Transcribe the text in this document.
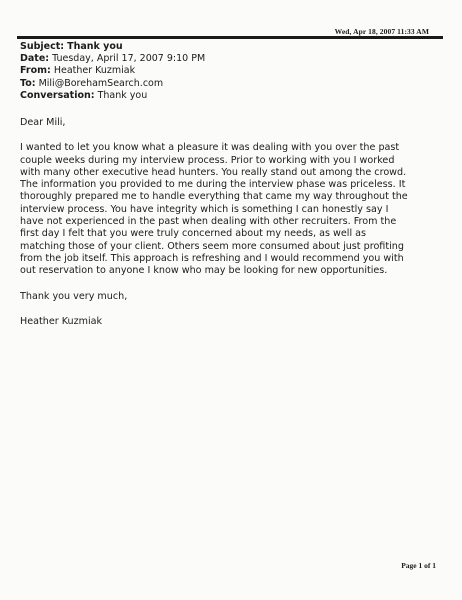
Wed, Apr 18, 2007 11:33 AM
Subject: Thank you
Date: Tuesday, April 17, 2007 9:10 PM
From: Heather Kuzmiak
To: Mili@BorehamSearch.com
Conversation: Thank you

Dear Mili,

I wanted to let you know what a pleasure it was dealing with you over the past
couple weeks during my interview process. Prior to working with you I worked
with many other executive head hunters. You really stand out among the crowd.
The information you provided to me during the interview phase was priceless. It
thoroughly prepared me to handle everything that came my way throughout the
interview process. You have integrity which is something I can honestly say I
have not experienced in the past when dealing with other recruiters. From the
first day I felt that you were truly concerned about my needs, as well as
matching those of your client. Others seem more consumed about just profiting
from the job itself. This approach is refreshing and I would recommend you with
out reservation to anyone I know who may be looking for new opportunities.

Thank you very much,

Heather Kuzmiak

Page 1 of 1
